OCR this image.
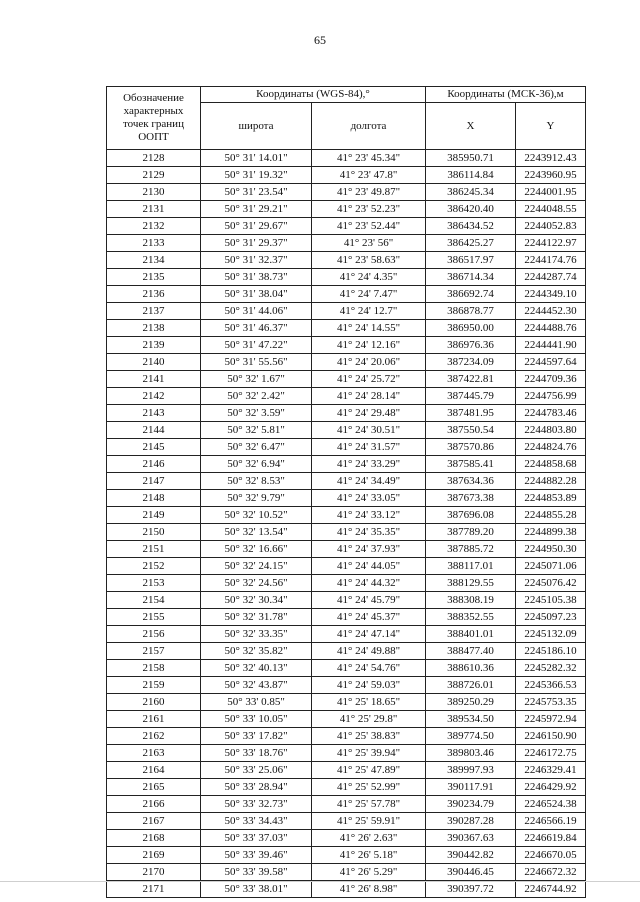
65
Обозначение
характерных
точек границ
ООПТ	Координаты (WGS-84),°		Координаты (МСК-36),м	
	широта	долгота	X	Y
2128	50° 31' 14.01"	41° 23' 45.34"	385950.71	2243912.43
2129	50° 31' 19.32"	41° 23' 47.8"	386114.84	2243960.95
2130	50° 31' 23.54"	41° 23' 49.87"	386245.34	2244001.95
2131	50° 31' 29.21"	41° 23' 52.23"	386420.40	2244048.55
2132	50° 31' 29.67"	41° 23' 52.44"	386434.52	2244052.83
2133	50° 31' 29.37"	41° 23' 56"	386425.27	2244122.97
2134	50° 31' 32.37"	41° 23' 58.63"	386517.97	2244174.76
2135	50° 31' 38.73"	41° 24' 4.35"	386714.34	2244287.74
2136	50° 31' 38.04"	41° 24' 7.47"	386692.74	2244349.10
2137	50° 31' 44.06"	41° 24' 12.7"	386878.77	2244452.30
2138	50° 31' 46.37"	41° 24' 14.55"	386950.00	2244488.76
2139	50° 31' 47.22"	41° 24' 12.16"	386976.36	2244441.90
2140	50° 31' 55.56"	41° 24' 20.06"	387234.09	2244597.64
2141	50° 32' 1.67"	41° 24' 25.72"	387422.81	2244709.36
2142	50° 32' 2.42"	41° 24' 28.14"	387445.79	2244756.99
2143	50° 32' 3.59"	41° 24' 29.48"	387481.95	2244783.46
2144	50° 32' 5.81"	41° 24' 30.51"	387550.54	2244803.80
2145	50° 32' 6.47"	41° 24' 31.57"	387570.86	2244824.76
2146	50° 32' 6.94"	41° 24' 33.29"	387585.41	2244858.68
2147	50° 32' 8.53"	41° 24' 34.49"	387634.36	2244882.28
2148	50° 32' 9.79"	41° 24' 33.05"	387673.38	2244853.89
2149	50° 32' 10.52"	41° 24' 33.12"	387696.08	2244855.28
2150	50° 32' 13.54"	41° 24' 35.35"	387789.20	2244899.38
2151	50° 32' 16.66"	41° 24' 37.93"	387885.72	2244950.30
2152	50° 32' 24.15"	41° 24' 44.05"	388117.01	2245071.06
2153	50° 32' 24.56"	41° 24' 44.32"	388129.55	2245076.42
2154	50° 32' 30.34"	41° 24' 45.79"	388308.19	2245105.38
2155	50° 32' 31.78"	41° 24' 45.37"	388352.55	2245097.23
2156	50° 32' 33.35"	41° 24' 47.14"	388401.01	2245132.09
2157	50° 32' 35.82"	41° 24' 49.88"	388477.40	2245186.10
2158	50° 32' 40.13"	41° 24' 54.76"	388610.36	2245282.32
2159	50° 32' 43.87"	41° 24' 59.03"	388726.01	2245366.53
2160	50° 33' 0.85"	41° 25' 18.65"	389250.29	2245753.35
2161	50° 33' 10.05"	41° 25' 29.8"	389534.50	2245972.94
2162	50° 33' 17.82"	41° 25' 38.83"	389774.50	2246150.90
2163	50° 33' 18.76"	41° 25' 39.94"	389803.46	2246172.75
2164	50° 33' 25.06"	41° 25' 47.89"	389997.93	2246329.41
2165	50° 33' 28.94"	41° 25' 52.99"	390117.91	2246429.92
2166	50° 33' 32.73"	41° 25' 57.78"	390234.79	2246524.38
2167	50° 33' 34.43"	41° 25' 59.91"	390287.28	2246566.19
2168	50° 33' 37.03"	41° 26' 2.63"	390367.63	2246619.84
2169	50° 33' 39.46"	41° 26' 5.18"	390442.82	2246670.05
2170	50° 33' 39.58"	41° 26' 5.29"	390446.45	2246672.32
2171	50° 33' 38.01"	41° 26' 8.98"	390397.72	2246744.92
